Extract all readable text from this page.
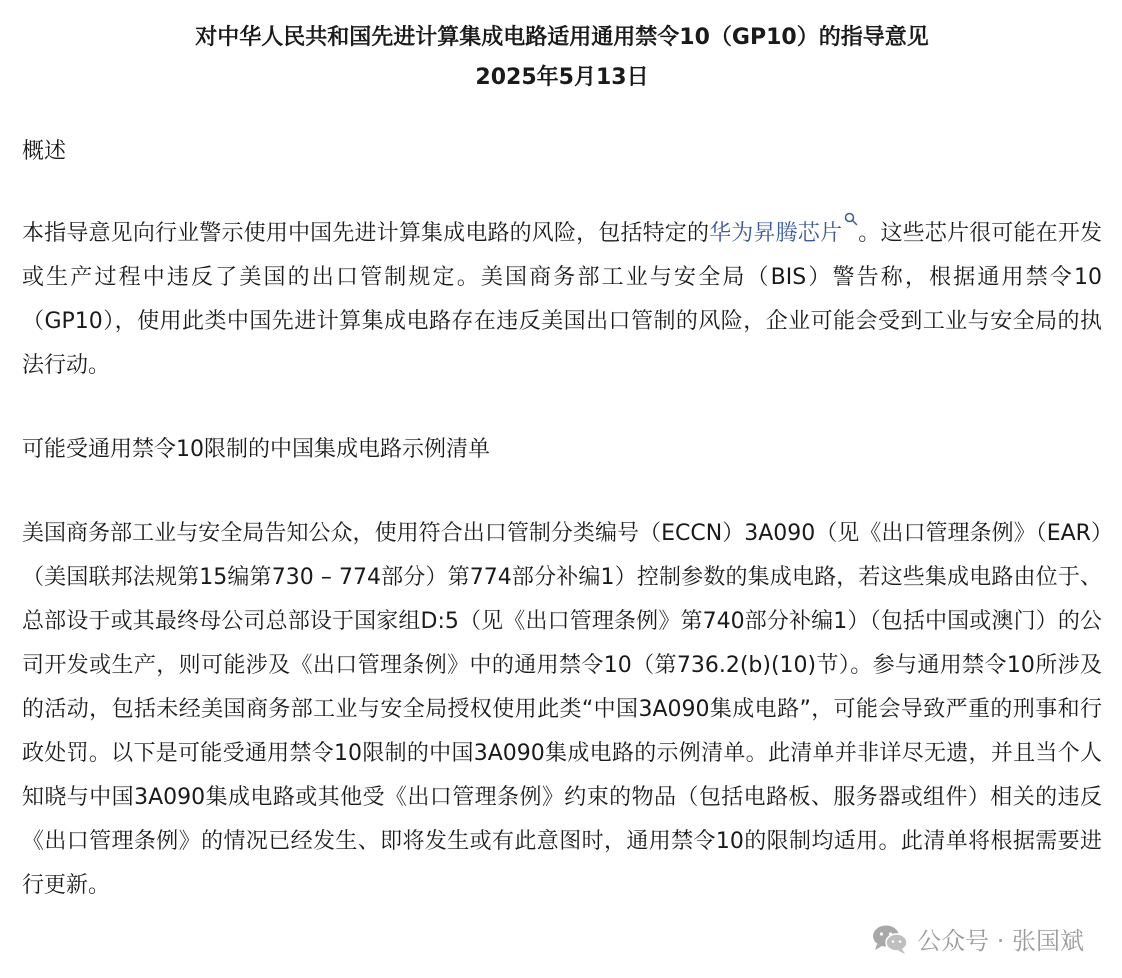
对中华人民共和国先进计算集成电路适用通用禁令10（GP10）的指导意见

2025年5月13日

概述

本指导意见向行业警示使用中国先进计算集成电路的风险，包括特定的华为昇腾芯片 。这些芯片很可能在开发或生产过程中违反了美国的出口管制规定。美国商务部工业与安全局（BIS）警告称，根据通用禁令10（GP10），使用此类中国先进计算集成电路存在违反美国出口管制的风险，企业可能会受到工业与安全局的执法行动。

可能受通用禁令10限制的中国集成电路示例清单

美国商务部工业与安全局告知公众，使用符合出口管制分类编号（ECCN）3A090（见《出口管理条例》（EAR）（美国联邦法规第15编第730 – 774部分）第774部分补编1）控制参数的集成电路，若这些集成电路由位于、总部设于或其最终母公司总部设于国家组D:5（见《出口管理条例》第740部分补编1）（包括中国或澳门）的公司开发或生产，则可能涉及《出口管理条例》中的通用禁令10（第736.2(b)(10)节）。参与通用禁令10所涉及的活动，包括未经美国商务部工业与安全局授权使用此类“中国3A090集成电路”，可能会导致严重的刑事和行政处罚。以下是可能受通用禁令10限制的中国3A090集成电路的示例清单。此清单并非详尽无遗，并且当个人知晓与中国3A090集成电路或其他受《出口管理条例》约束的物品（包括电路板、服务器或组件）相关的违反《出口管理条例》的情况已经发生、即将发生或有此意图时，通用禁令10的限制均适用。此清单将根据需要进行更新。

公众号 · 张国斌
